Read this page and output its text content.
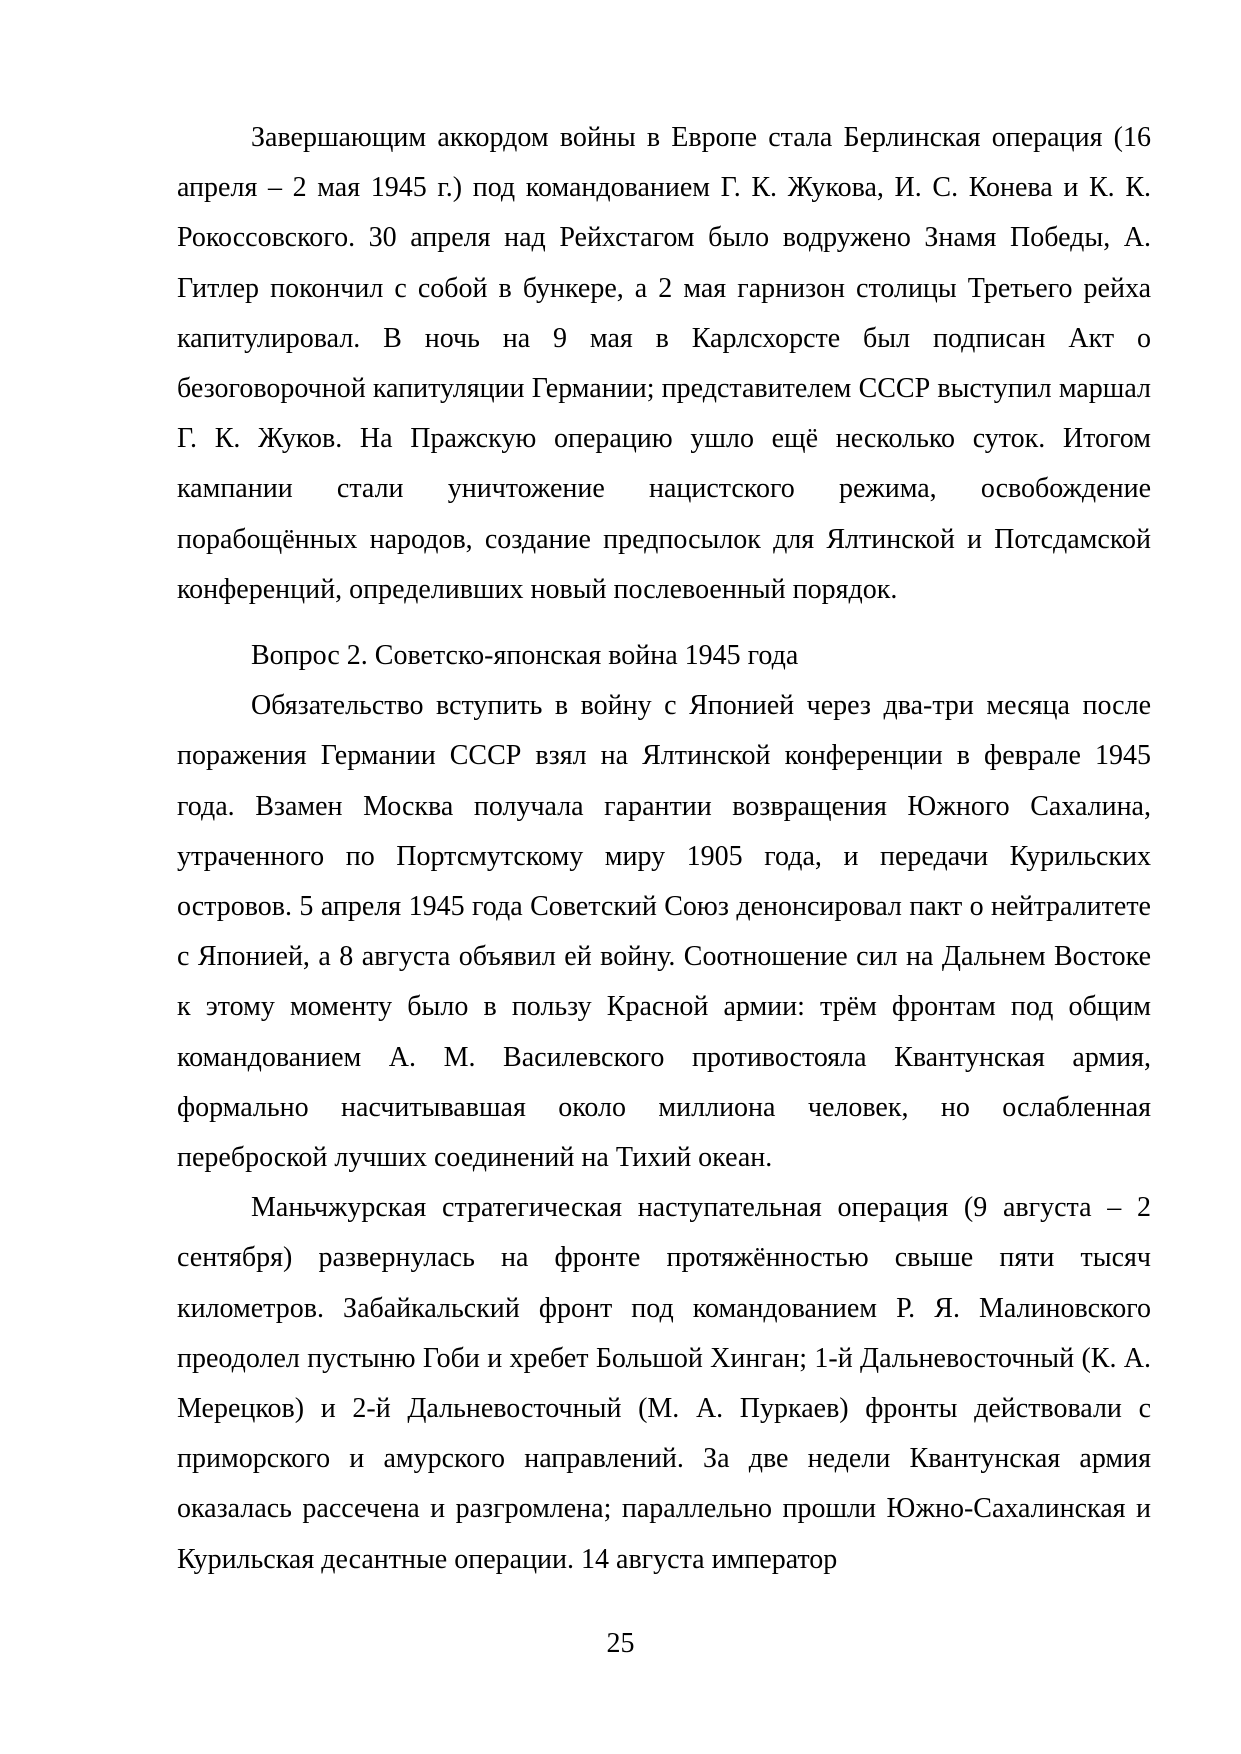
Завершающим аккордом войны в Европе стала Берлинская операция (16 апреля – 2 мая 1945 г.) под командованием Г. К. Жукова, И. С. Конева и К. К. Рокоссовского. 30 апреля над Рейхстагом было водружено Знамя Победы, А. Гитлер покончил с собой в бункере, а 2 мая гарнизон столицы Третьего рейха капитулировал. В ночь на 9 мая в Карлсхорсте был подписан Акт о безоговорочной капитуляции Германии; представителем СССР выступил маршал Г. К. Жуков. На Пражскую операцию ушло ещё несколько суток. Итогом кампании стали уничтожение нацистского режима, освобождение порабощённых народов, создание предпосылок для Ялтинской и Потсдамской конференций, определивших новый послевоенный порядок.

Вопрос 2. Советско-японская война 1945 года

Обязательство вступить в войну с Японией через два-три месяца после поражения Германии СССР взял на Ялтинской конференции в феврале 1945 года. Взамен Москва получала гарантии возвращения Южного Сахалина, утраченного по Портсмутскому миру 1905 года, и передачи Курильских островов. 5 апреля 1945 года Советский Союз денонсировал пакт о нейтралитете с Японией, а 8 августа объявил ей войну. Соотношение сил на Дальнем Востоке к этому моменту было в пользу Красной армии: трём фронтам под общим командованием А. М. Василевского противостояла Квантунская армия, формально насчитывавшая около миллиона человек, но ослабленная переброской лучших соединений на Тихий океан.

Маньчжурская стратегическая наступательная операция (9 августа – 2 сентября) развернулась на фронте протяжённостью свыше пяти тысяч километров. Забайкальский фронт под командованием Р. Я. Малиновского преодолел пустыню Гоби и хребет Большой Хинган; 1-й Дальневосточный (К. А. Мерецков) и 2-й Дальневосточный (М. А. Пуркаев) фронты действовали с приморского и амурского направлений. За две недели Квантунская армия оказалась рассечена и разгромлена; параллельно прошли Южно-Сахалинская и Курильская десантные операции. 14 августа император

25
